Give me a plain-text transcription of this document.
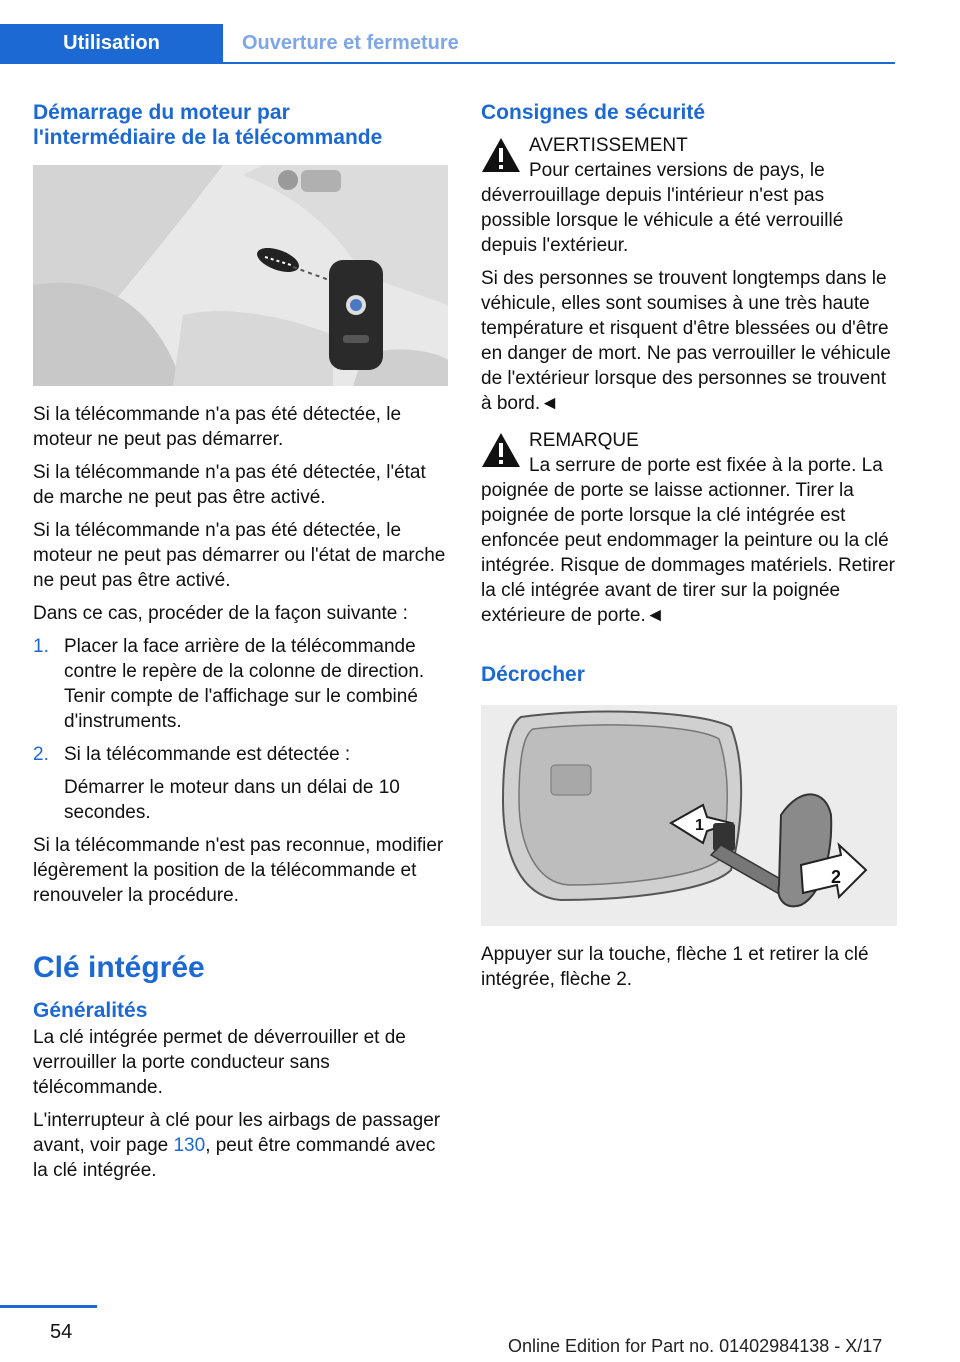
Utilisation	Ouverture et fermeture
Démarrage du moteur par l'intermédiaire de la télécommande

Si la télécommande n'a pas été détectée, le moteur ne peut pas démarrer.

Si la télécommande n'a pas été détectée, l'état de marche ne peut pas être activé.

Si la télécommande n'a pas été détectée, le moteur ne peut pas démarrer ou l'état de marche ne peut pas être activé.

Dans ce cas, procéder de la façon suivante :

1. Placer la face arrière de la télécommande contre le repère de la colonne de direction. Tenir compte de l'affichage sur le combiné d'instruments.

2. Si la télécommande est détectée :

Démarrer le moteur dans un délai de 10 secondes.

Si la télécommande n'est pas reconnue, modifier légèrement la position de la télécommande et renouveler la procédure.

Clé intégrée
Généralités

La clé intégrée permet de déverrouiller et de verrouiller la porte conducteur sans télécommande.

L'interrupteur à clé pour les airbags de passager avant, voir page 130, peut être commandé avec la clé intégrée.

Consignes de sécurité

AVERTISSEMENT

Pour certaines versions de pays, le déverrouillage depuis l'intérieur n'est pas possible lorsque le véhicule a été verrouillé depuis l'extérieur.

Si des personnes se trouvent longtemps dans le véhicule, elles sont soumises à une très haute température et risquent d'être blessées ou d'être en danger de mort. Ne pas verrouiller le véhicule de l'extérieur lorsque des personnes se trouvent à bord.◄

REMARQUE

La serrure de porte est fixée à la porte. La poignée de porte se laisse actionner. Tirer la poignée de porte lorsque la clé intégrée est enfoncée peut endommager la peinture ou la clé intégrée. Risque de dommages matériels. Retirer la clé intégrée avant de tirer sur la poignée extérieure de porte.◄

Décrocher
1
2

Appuyer sur la touche, flèche 1 et retirer la clé intégrée, flèche 2.

54
Online Edition for Part no. 01402984138 - X/17
